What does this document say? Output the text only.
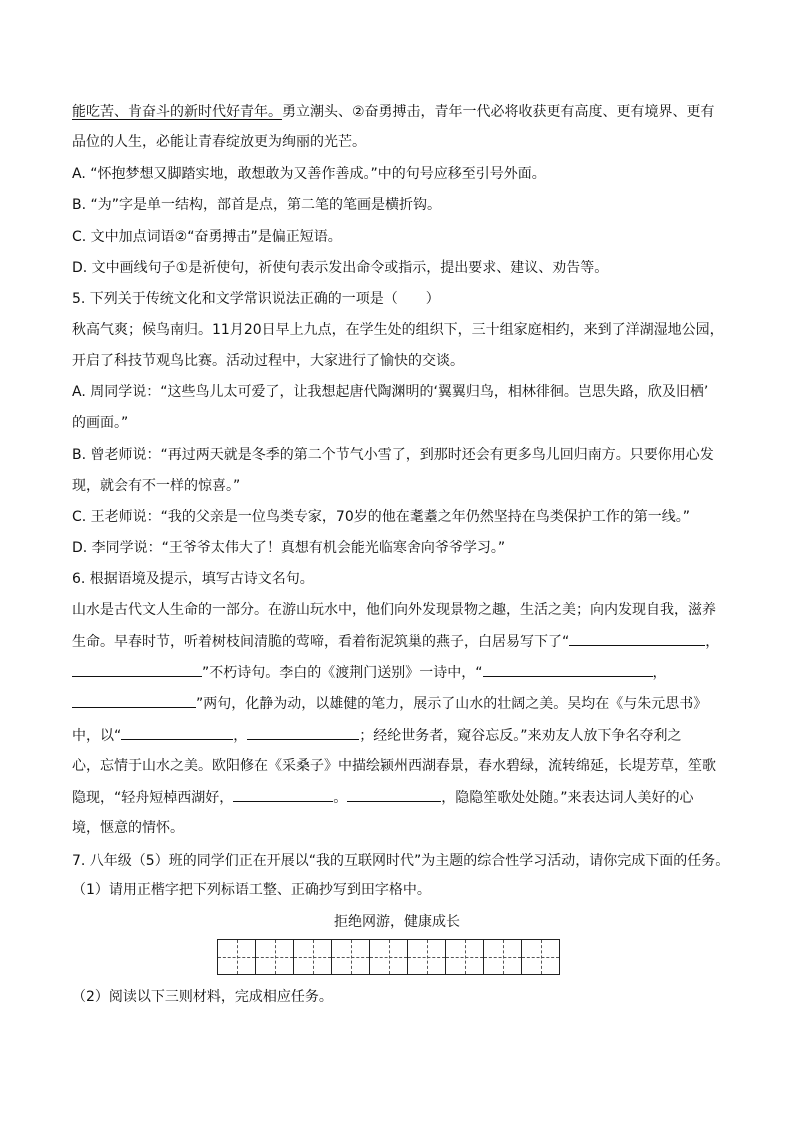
能吃苦、肯奋斗的新时代好青年。勇立潮头、②奋勇搏击，青年一代必将收获更有高度、更有境界、更有
品位的人生，必能让青春绽放更为绚丽的光芒。
A. “怀抱梦想又脚踏实地，敢想敢为又善作善成。”中的句号应移至引号外面。
B. “为”字是单一结构，部首是点，第二笔的笔画是横折钩。
C. 文中加点词语②“奋勇搏击”是偏正短语。
D. 文中画线句子①是祈使句，祈使句表示发出命令或指示，提出要求、建议、劝告等。
5. 下列关于传统文化和文学常识说法正确的一项是（　　）
秋高气爽；候鸟南归。11月20日早上九点，在学生处的组织下，三十组家庭相约，来到了洋湖湿地公园，
开启了科技节观鸟比赛。活动过程中，大家进行了愉快的交谈。
A. 周同学说：“这些鸟儿太可爱了，让我想起唐代陶渊明的‘翼翼归鸟，相林徘徊。岂思失路，欣及旧栖’
的画面。”
B. 曾老师说：“再过两天就是冬季的第二个节气小雪了，到那时还会有更多鸟儿回归南方。只要你用心发
现，就会有不一样的惊喜。”
C. 王老师说：“我的父亲是一位鸟类专家，70岁的他在耄耋之年仍然坚持在鸟类保护工作的第一线。”
D. 李同学说：“王爷爷太伟大了！真想有机会能光临寒舍向爷爷学习。”
6. 根据语境及提示，填写古诗文名句。
山水是古代文人生命的一部分。在游山玩水中，他们向外发现景物之趣，生活之美；向内发现自我，滋养
生命。早春时节，听着树枝间清脆的莺啼，看着衔泥筑巢的燕子，白居易写下了“	，
”不朽诗句。李白的《渡荆门送别》一诗中，“	，
”两句，化静为动，以雄健的笔力，展示了山水的壮阔之美。吴均在《与朱元思书》
中，以“	，	；经纶世务者，窥谷忘反。”来劝友人放下争名夺利之
心，忘情于山水之美。欧阳修在《采桑子》中描绘颍州西湖春景，春水碧绿，流转绵延，长堤芳草，笙歌
隐现，“轻舟短棹西湖好，	。	，隐隐笙歌处处随。”来表达词人美好的心
境，惬意的情怀。
7. 八年级（5）班的同学们正在开展以“我的互联网时代”为主题的综合性学习活动，请你完成下面的任务。
（1）请用正楷字把下列标语工整、正确抄写到田字格中。
拒绝网游，健康成长
（2）阅读以下三则材料，完成相应任务。
